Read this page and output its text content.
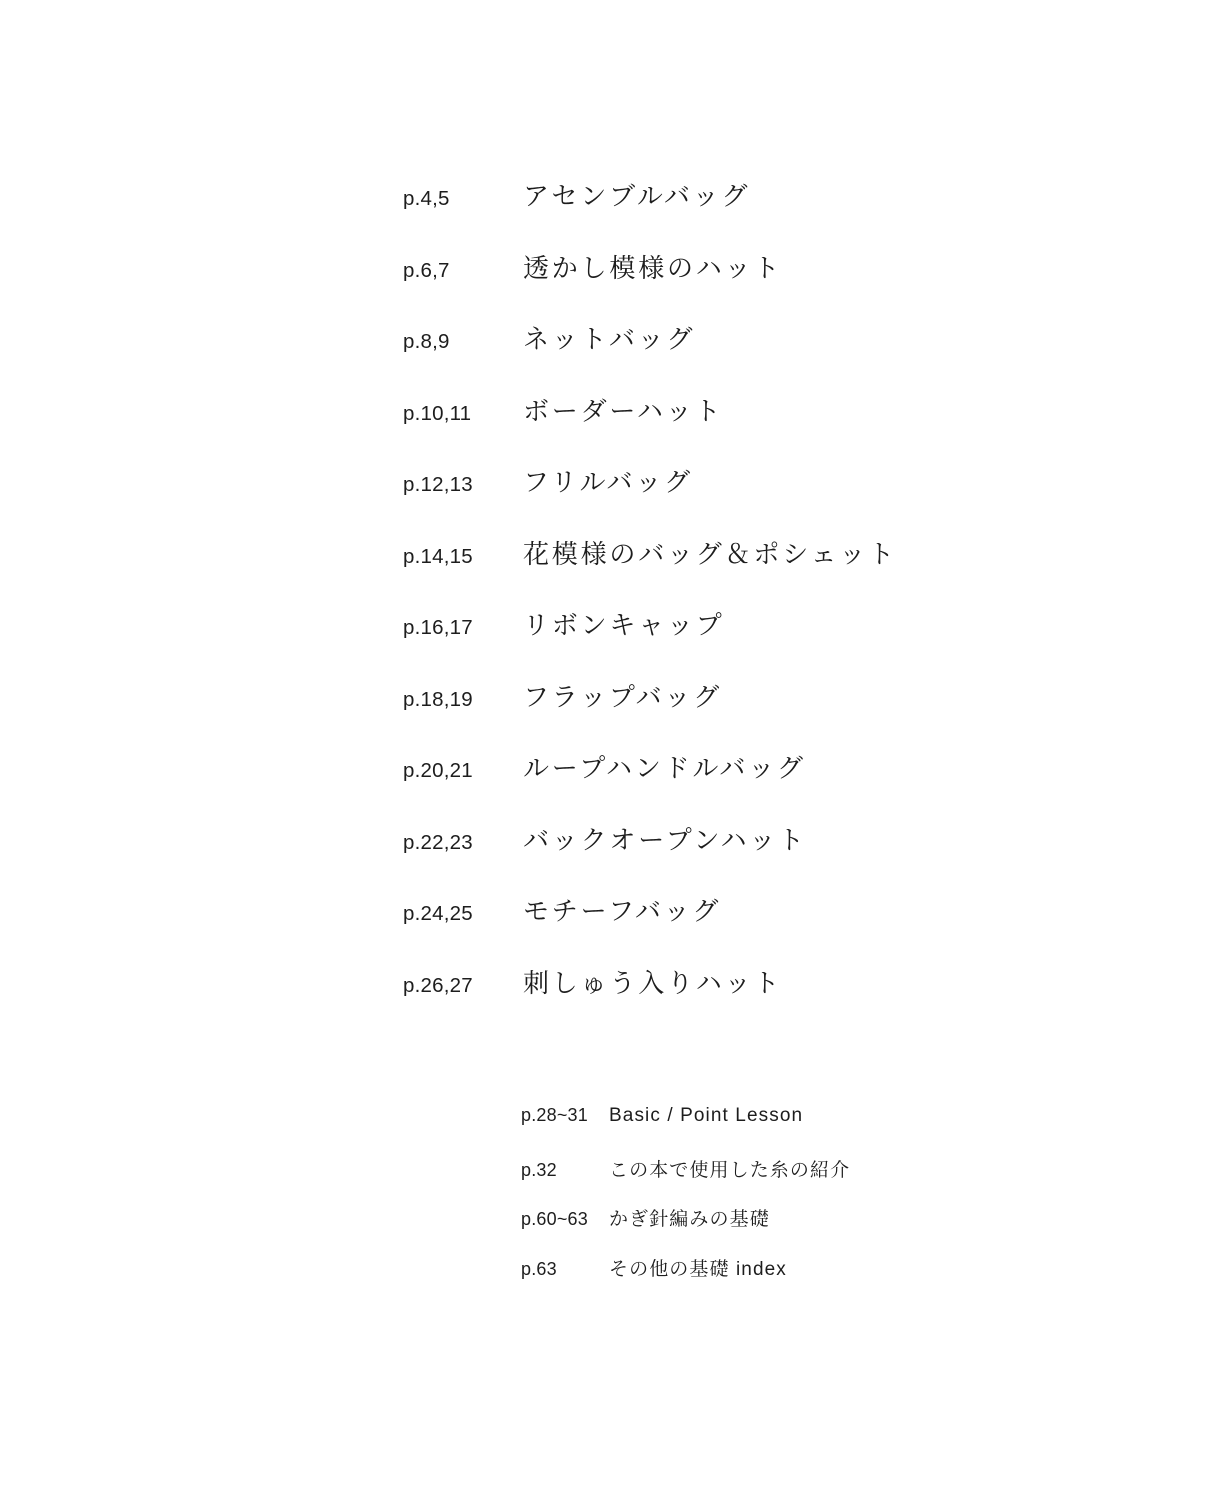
p.4,5	アセンブルバッグ
p.6,7	透かし模様のハット
p.8,9	ネットバッグ
p.10,11	ボーダーハット
p.12,13	フリルバッグ
p.14,15	花模様のバッグ＆ポシェット
p.16,17	リボンキャップ
p.18,19	フラップバッグ
p.20,21	ループハンドルバッグ
p.22,23	バックオープンハット
p.24,25	モチーフバッグ
p.26,27	刺しゅう入りハット
p.28~31	Basic / Point Lesson
p.32	この本で使用した糸の紹介
p.60~63	かぎ針編みの基礎
p.63	その他の基礎 index
